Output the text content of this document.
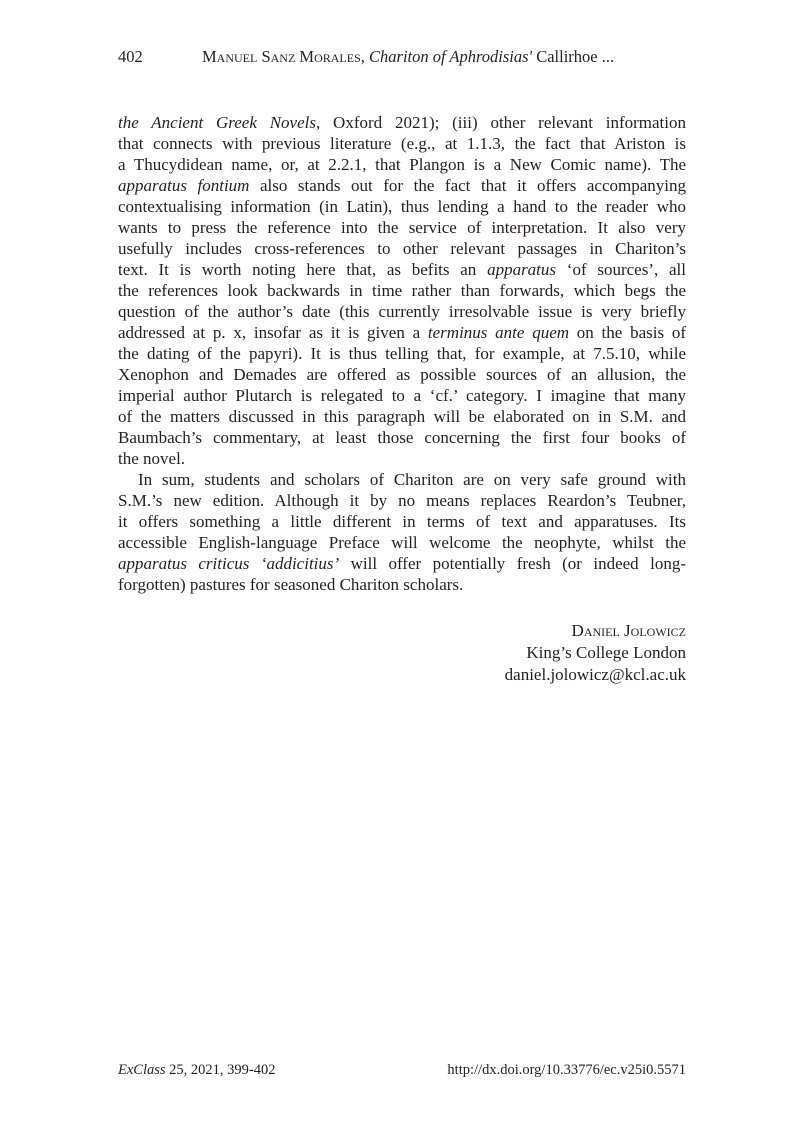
402	Manuel Sanz Morales, Chariton of Aphrodisias' Callirhoe ...
the Ancient Greek Novels, Oxford 2021); (iii) other relevant information
that connects with previous literature (e.g., at 1.1.3, the fact that Ariston is
a Thucydidean name, or, at 2.2.1, that Plangon is a New Comic name). The
apparatus fontium also stands out for the fact that it offers accompanying
contextualising information (in Latin), thus lending a hand to the reader who
wants to press the reference into the service of interpretation. It also very
usefully includes cross-references to other relevant passages in Chariton’s
text. It is worth noting here that, as befits an apparatus ‘of sources’, all
the references look backwards in time rather than forwards, which begs the
question of the author’s date (this currently irresolvable issue is very briefly
addressed at p. x, insofar as it is given a terminus ante quem on the basis of
the dating of the papyri). It is thus telling that, for example, at 7.5.10, while
Xenophon and Demades are offered as possible sources of an allusion, the
imperial author Plutarch is relegated to a ‘cf.’ category. I imagine that many
of the matters discussed in this paragraph will be elaborated on in S.M. and
Baumbach’s commentary, at least those concerning the first four books of
the novel.
In sum, students and scholars of Chariton are on very safe ground with
S.M.’s new edition. Although it by no means replaces Reardon’s Teubner,
it offers something a little different in terms of text and apparatuses. Its
accessible English-language Preface will welcome the neophyte, whilst the
apparatus criticus ‘addicitius’ will offer potentially fresh (or indeed long-
forgotten) pastures for seasoned Chariton scholars.
Daniel Jolowicz
King’s College London
daniel.jolowicz@kcl.ac.uk
ExClass 25, 2021, 399-402	http://dx.doi.org/10.33776/ec.v25i0.5571
